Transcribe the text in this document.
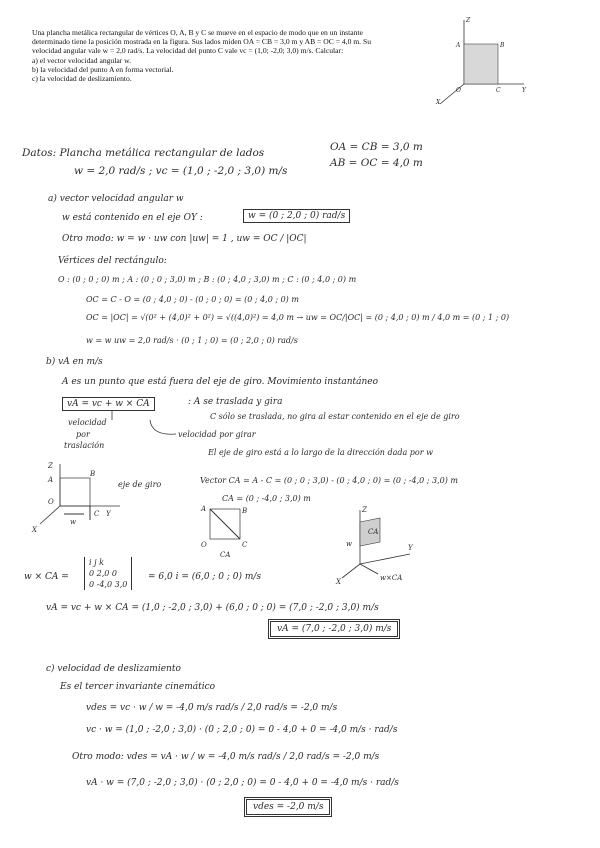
Una plancha metálica rectangular de vértices O, A, B y C se mueve en el espacio de modo que en un instante

determinado tiene la posición mostrada en la figura. Sus lados miden OA = CB = 3,0 m y AB = OC = 4,0 m. Su

velocidad angular vale w = 2,0 rad/s. La velocidad del punto C vale vc = (1,0; -2,0; 3,0) m/s. Calcular:

a) el vector velocidad angular w.

b) la velocidad del punto A en forma vectorial.

c) la velocidad de deslizamiento.

Z
A	B
O	C	Y
X
Datos: Plancha metálica rectangular de lados	OA = CB = 3,0 m
AB = OC = 4,0 m
w = 2,0 rad/s ; vc = (1,0 ; -2,0 ; 3,0) m/s
a) vector velocidad angular w
w está contenido en el eje OY :	w = (0 ; 2,0 ; 0) rad/s
Otro modo: w = w · uw con |uw| = 1 , uw = OC / |OC|
Vértices del rectángulo:
O : (0 ; 0 ; 0) m ; A : (0 ; 0 ; 3,0) m ; B : (0 ; 4,0 ; 3,0) m ; C : (0 ; 4,0 ; 0) m
OC = C - O = (0 ; 4,0 ; 0) - (0 ; 0 ; 0) = (0 ; 4,0 ; 0) m
OC = |OC| = √(0² + (4,0)² + 0²) = √((4,0)²) = 4,0 m → uw = OC/|OC| = (0 ; 4,0 ; 0) m / 4,0 m = (0 ; 1 ; 0)
w = w uw = 2,0 rad/s · (0 ; 1 ; 0) = (0 ; 2,0 ; 0) rad/s
b) vA en m/s
A es un punto que está fuera del eje de giro. Movimiento instantáneo
vA = vc + w × CA	: A se traslada y gira
C sólo se traslada, no gira al estar contenido en el eje de giro
velocidad
por
traslación
velocidad por girar
El eje de giro está a lo largo de la dirección dada por w
Z
A
B
O
w
C Y
X
eje de giro	Vector CA = A - C = (0 ; 0 ; 3,0) - (0 ; 4,0 ; 0) = (0 ; -4,0 ; 3,0) m
CA = (0 ; -4,0 ; 3,0) m
A	B
O	C
CA
Z
CA
w	Y
X	w×CA
w × CA =
i j k
0 2,0 0
0 -4,0 3,0
= 6,0 i = (6,0 ; 0 ; 0) m/s
vA = vc + w × CA = (1,0 ; -2,0 ; 3,0) + (6,0 ; 0 ; 0) = (7,0 ; -2,0 ; 3,0) m/s
vA = (7,0 ; -2,0 ; 3,0) m/s
c) velocidad de deslizamiento
Es el tercer invariante cinemático
vdes = vc · w / w = -4,0 m/s rad/s / 2,0 rad/s = -2,0 m/s
vc · w = (1,0 ; -2,0 ; 3,0) · (0 ; 2,0 ; 0) = 0 - 4,0 + 0 = -4,0 m/s · rad/s
Otro modo: vdes = vA · w / w = -4,0 m/s rad/s / 2,0 rad/s = -2,0 m/s
vA · w = (7,0 ; -2,0 ; 3,0) · (0 ; 2,0 ; 0) = 0 - 4,0 + 0 = -4,0 m/s · rad/s
vdes = -2,0 m/s
